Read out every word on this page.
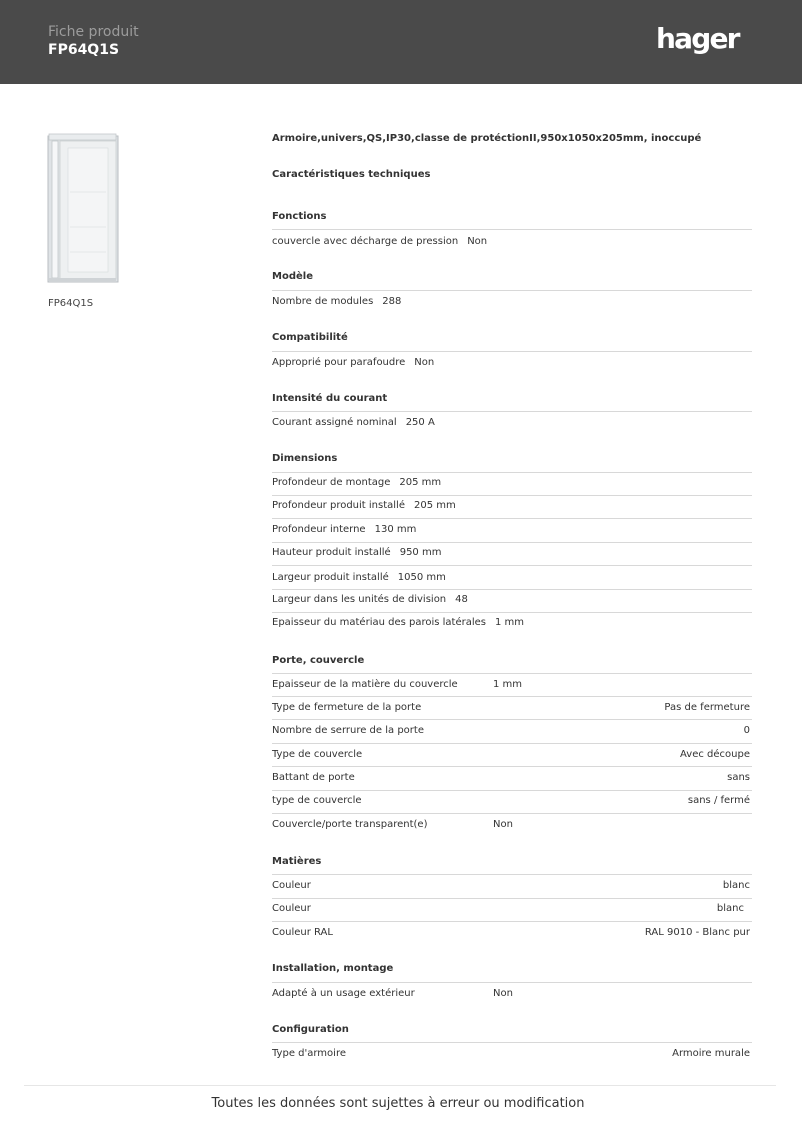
Fiche produit
FP64Q1S	hager
FP64Q1S
Armoire,univers,QS,IP30,classe de protéctionII,950x1050x205mm, inoccupé
Caractéristiques techniques
Fonctions
couvercle avec décharge de pression Non
Modèle
Nombre de modules 288
Compatibilité
Approprié pour parafoudre Non
Intensité du courant
Courant assigné nominal 250 A
Dimensions
Profondeur de montage 205 mm
Profondeur produit installé 205 mm
Profondeur interne 130 mm
Hauteur produit installé 950 mm
Largeur produit installé 1050 mm
Largeur dans les unités de division 48
Epaisseur du matériau des parois latérales 1 mm
Porte, couvercle
Epaisseur de la matière du couvercle	1 mm
Type de fermeture de la porte	Pas de fermeture
Nombre de serrure de la porte	0
Type de couvercle	Avec découpe
Battant de porte	sans
type de couvercle	sans / fermé
Couvercle/porte transparent(e)	Non
Matières
Couleur	blanc
Couleur	blanc
Couleur RAL	RAL 9010 - Blanc pur
Installation, montage
Adapté à un usage extérieur	Non
Configuration
Type d'armoire	Armoire murale
Toutes les données sont sujettes à erreur ou modification
